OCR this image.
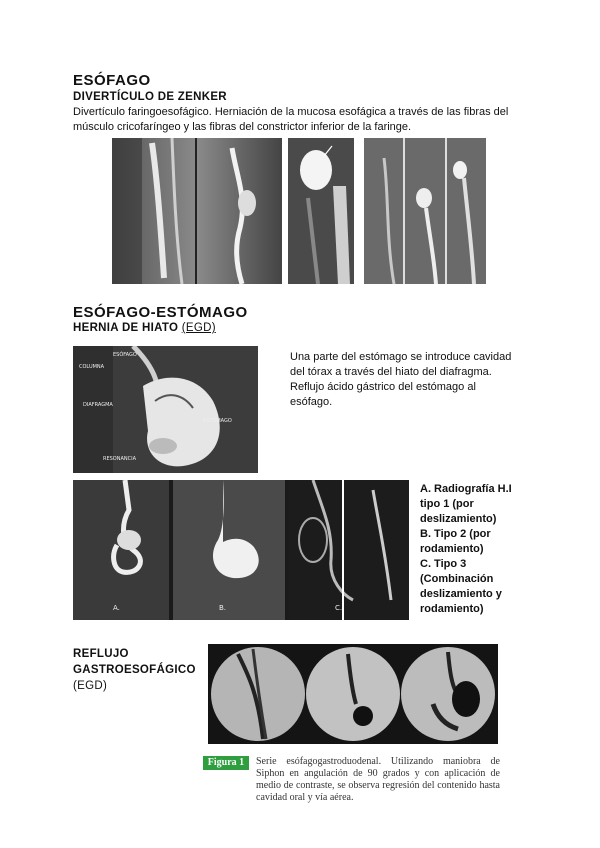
ESÓFAGO
DIVERTÍCULO DE ZENKER
Divertículo faringoesofágico. Herniación de la mucosa esofágica a través de las fibras del músculo cricofaríngeo y las fibras del constrictor inferior de la faringe.
ESÓFAGO-ESTÓMAGO
HERNIA DE HIATO (EGD)
ESÓFAGO
COLUMNA
DIAFRAGMA
ESTÓMAGO
RESONANCIA
Una parte del estómago se introduce cavidad del tórax a través del hiato del diafragma. Reflujo ácido gástrico del estómago al esófago.
A.	B.	C.
A. Radiografía H.I
tipo 1 (por
deslizamiento)
B. Tipo 2 (por
rodamiento)
C. Tipo 3
(Combinación
deslizamiento y
rodamiento)
REFLUJO
GASTROESOFÁGICO
(EGD)
Figura 1	Serie esófagogastroduodenal. Utilizando maniobra de Siphon en angulación de 90 grados y con aplicación de medio de contraste, se observa regresión del contenido hasta cavidad oral y vía aérea.
